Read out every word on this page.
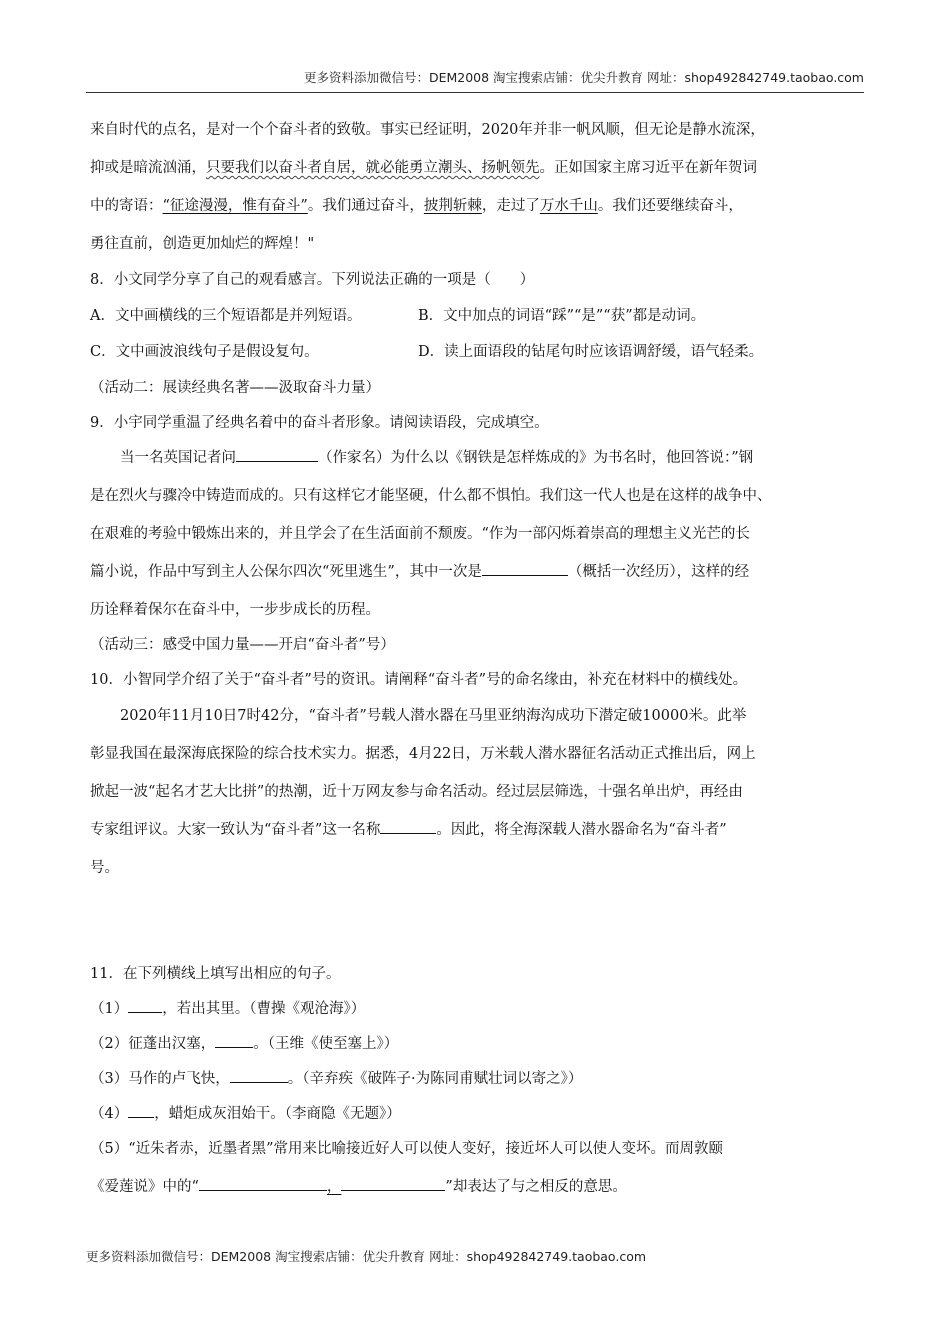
更多资料添加微信号：DEM2008 淘宝搜索店铺：优尖升教育 网址：shop492842749.taobao.com
来自时代的点名，是对一个个奋斗者的致敬。事实已经证明，2020年并非一帆风顺，但无论是静水流深，
抑或是暗流汹涌，只要我们以奋斗者自居，就必能勇立潮头、扬帆领先。正如国家主席习近平在新年贺词
中的寄语：“征途漫漫，惟有奋斗”。我们通过奋斗，披荆斩棘，走过了万水千山。我们还要继续奋斗，
勇往直前，创造更加灿烂的辉煌！"
8．小文同学分享了自己的观看感言。下列说法正确的一项是（　　）
A．文中画横线的三个短语都是并列短语。	B．文中加点的词语“踩”“是”“获”都是动词。
C．文中画波浪线句子是假设复句。	D．读上面语段的钻尾句时应该语调舒缓，语气轻柔。
（活动二：展读经典名著——汲取奋斗力量）
9．小宇同学重温了经典名着中的奋斗者形象。请阅读语段，完成填空。
当一名英国记者问	（作家名）为什么以《钢铁是怎样炼成的》为书名时，他回答说：”钢
是在烈火与骤冷中铸造而成的。只有这样它才能坚硬，什么都不惧怕。我们这一代人也是在这样的战争中、
在艰难的考验中锻炼出来的，并且学会了在生活面前不颓废。“作为一部闪烁着崇高的理想主义光芒的长
篇小说，作品中写到主人公保尔四次“死里逃生”，其中一次是	（概括一次经历），这样的经
历诠释着保尔在奋斗中，一步步成长的历程。
（活动三：感受中国力量——开启“奋斗者”号）
10．小智同学介绍了关于“奋斗者”号的资讯。请阐释“奋斗者”号的命名缘由，补充在材料中的横线处。
2020年11月10日7时42分，“奋斗者”号载人潜水器在马里亚纳海沟成功下潜定破10000米。此举
彰显我国在最深海底探险的综合技术实力。据悉，4月22日，万米载人潜水器征名活动正式推出后，网上
掀起一波“起名才艺大比拼”的热潮，近十万网友参与命名活动。经过层层筛选，十强名单出炉，再经由
专家组评议。大家一致认为“奋斗者”这一名称	。因此，将全海深载人潜水器命名为“奋斗者”
号。
11．在下列横线上填写出相应的句子。
（1） ，若出其里。（曹操《观沧海》）
（2）征蓬出汉塞，	。（王维《使至塞上》）
（3）马作的卢飞快，	。（辛弃疾《破阵子·为陈同甫赋壮词以寄之》）
（4） ，蜡炬成灰泪始干。（李商隐《无题》）
（5）“近朱者赤，近墨者黑”常用来比喻接近好人可以使人变好，接近坏人可以使人变坏。而周敦颐
《爱莲说》中的“	，	”却表达了与之相反的意思。
更多资料添加微信号：DEM2008 淘宝搜索店铺：优尖升教育 网址：shop492842749.taobao.com
